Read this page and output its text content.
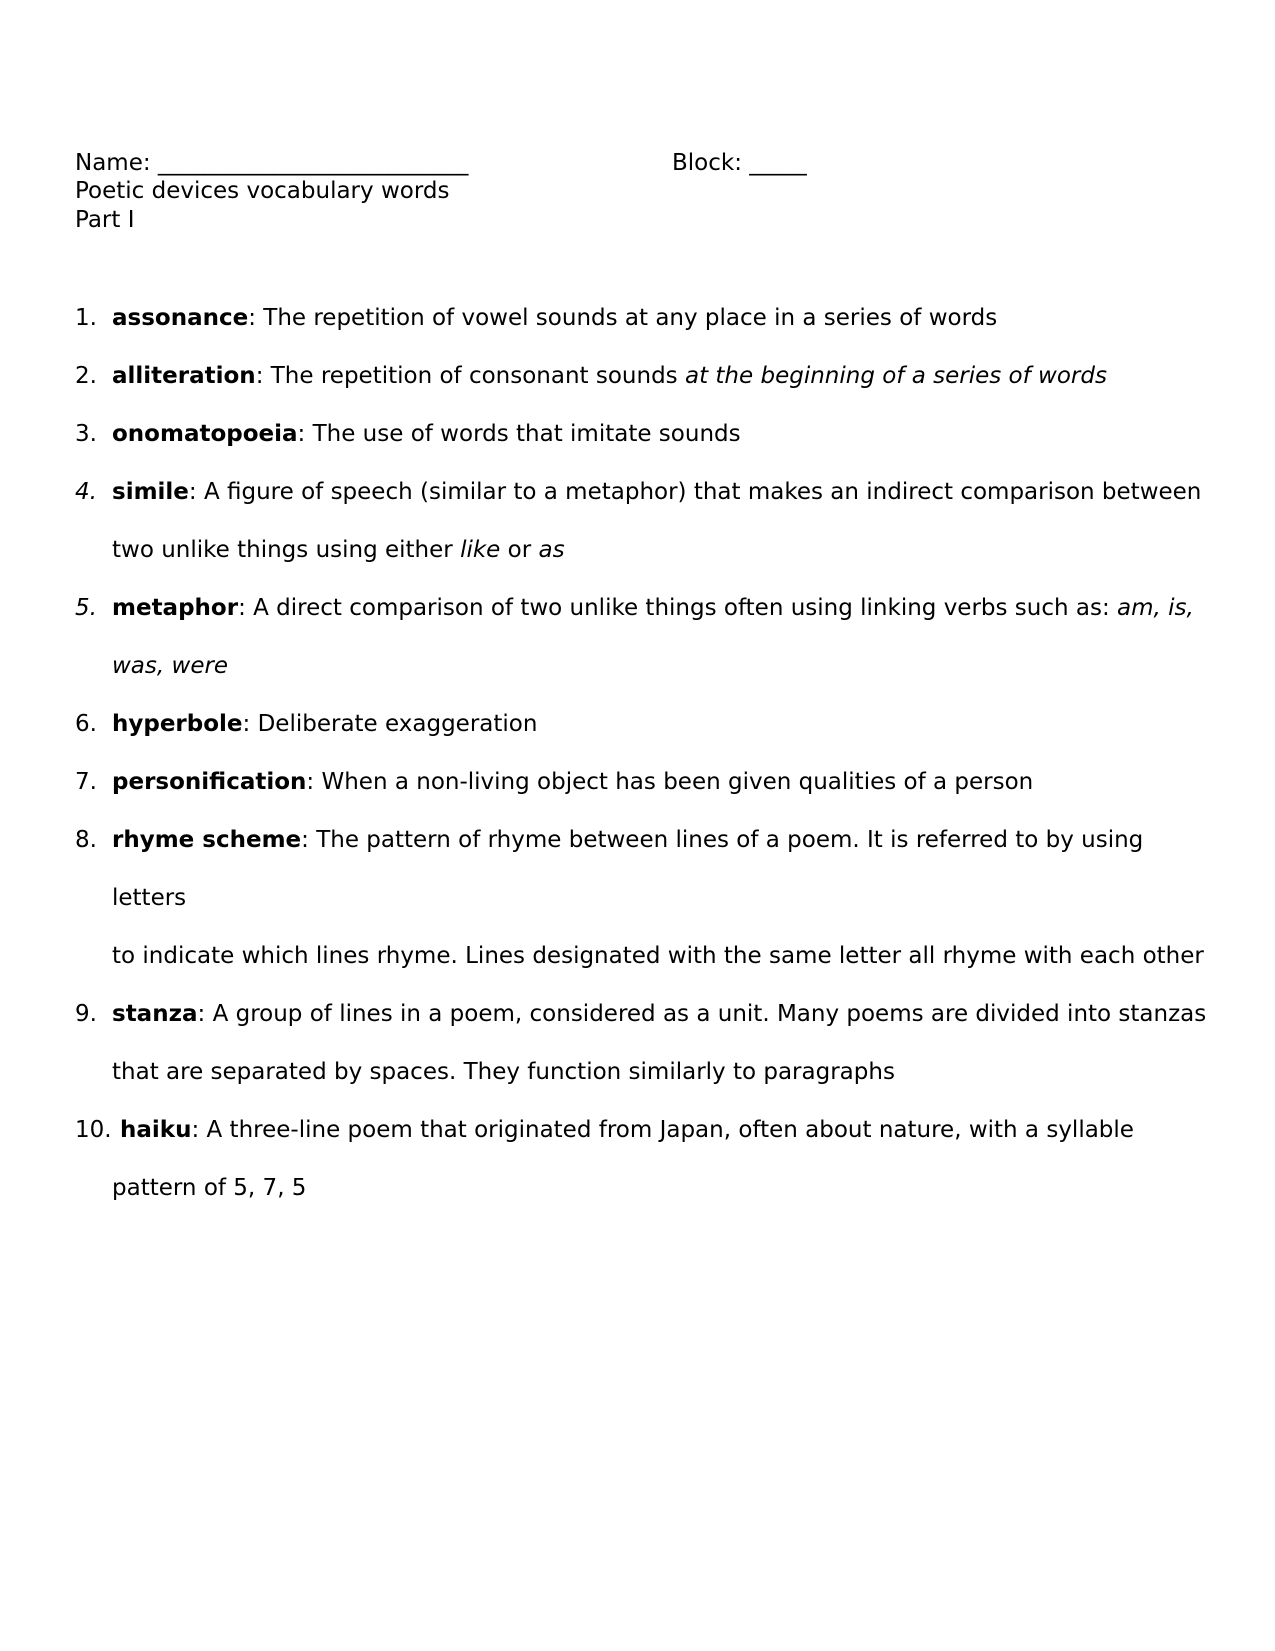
Name: ___________________________	Block: _____
Poetic devices vocabulary words
Part I
1. assonance: The repetition of vowel sounds at any place in a series of words
2. alliteration: The repetition of consonant sounds at the beginning of a series of words
3. onomatopoeia: The use of words that imitate sounds
4. simile: A figure of speech (similar to a metaphor) that makes an indirect comparison between two unlike things using either like or as
5. metaphor: A direct comparison of two unlike things often using linking verbs such as: am, is, was, were
6. hyperbole: Deliberate exaggeration
7. personification: When a non-living object has been given qualities of a person
8. rhyme scheme: The pattern of rhyme between lines of a poem. It is referred to by using letters
to indicate which lines rhyme. Lines designated with the same letter all rhyme with each other
9. stanza: A group of lines in a poem, considered as a unit. Many poems are divided into stanzas
that are separated by spaces. They function similarly to paragraphs
10. haiku: A three-line poem that originated from Japan, often about nature, with a syllable
pattern of 5, 7, 5
